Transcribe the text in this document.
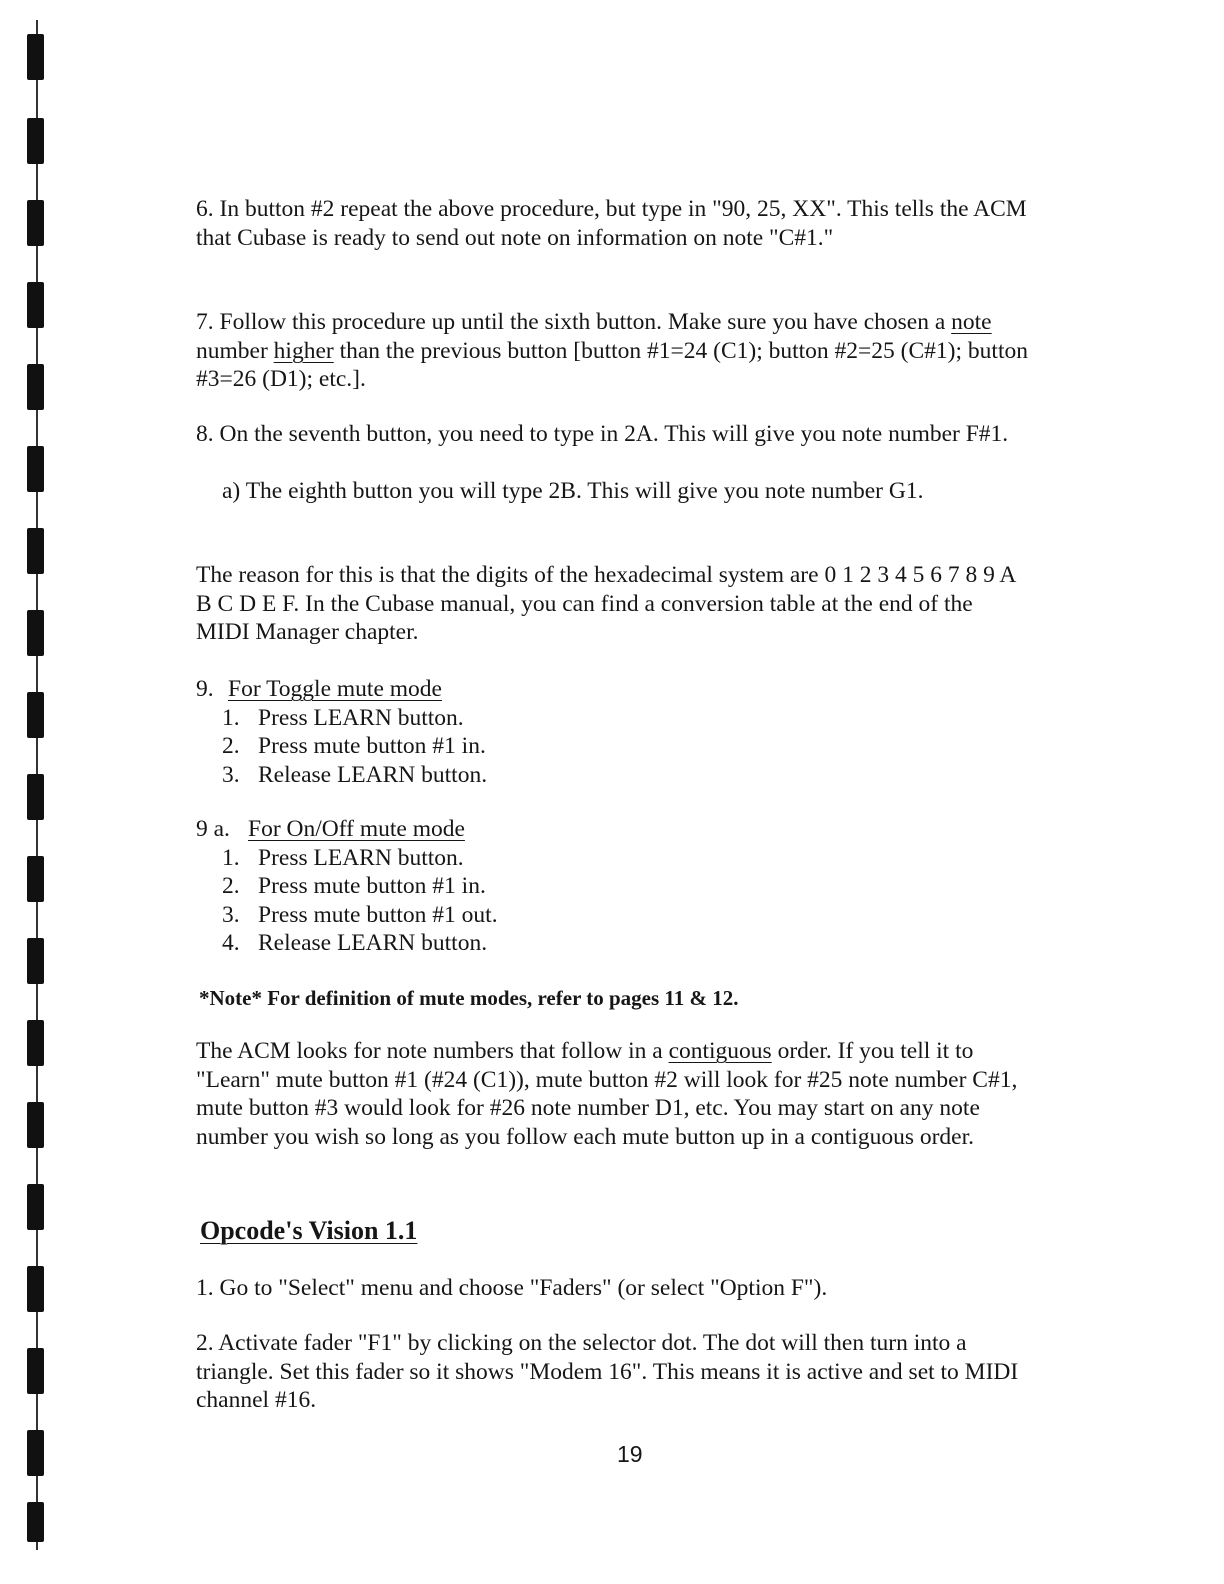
6. In button #2 repeat the above procedure, but type in "90, 25, XX". This tells the ACM that Cubase is ready to send out note on information on note "C#1."

7. Follow this procedure up until the sixth button. Make sure you have chosen a note number higher than the previous button [button #1=24 (C1); button #2=25 (C#1); button #3=26 (D1); etc.].

8. On the seventh button, you need to type in 2A. This will give you note number F#1.

a) The eighth button you will type 2B. This will give you note number G1.

The reason for this is that the digits of the hexadecimal system are 0 1 2 3 4 5 6 7 8 9 A B C D E F. In the Cubase manual, you can find a conversion table at the end of the MIDI Manager chapter.

9. For Toggle mute mode
1. Press LEARN button.
2. Press mute button #1 in.
3. Release LEARN button.
9 a. For On/Off mute mode
1. Press LEARN button.
2. Press mute button #1 in.
3. Press mute button #1 out.
4. Release LEARN button.

*Note* For definition of mute modes, refer to pages 11 & 12.

The ACM looks for note numbers that follow in a contiguous order. If you tell it to "Learn" mute button #1 (#24 (C1)), mute button #2 will look for #25 note number C#1, mute button #3 would look for #26 note number D1, etc. You may start on any note number you wish so long as you follow each mute button up in a contiguous order.

Opcode's Vision 1.1

1. Go to "Select" menu and choose "Faders" (or select "Option F").

2. Activate fader "F1" by clicking on the selector dot. The dot will then turn into a triangle. Set this fader so it shows "Modem 16". This means it is active and set to MIDI channel #16.

19
